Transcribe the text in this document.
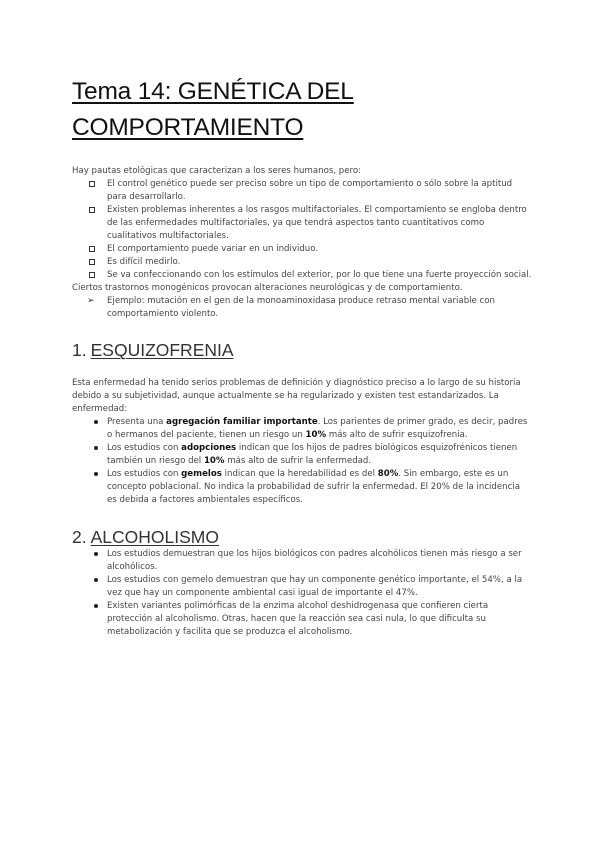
Tema 14: GENÉTICA DEL
COMPORTAMIENTO

Hay pautas etológicas que caracterizan a los seres humanos, pero:

El control genético puede ser preciso sobre un tipo de comportamiento o sólo sobre la aptitud para desarrollarlo.
Existen problemas inherentes a los rasgos multifactoriales. El comportamiento se engloba dentro de las enfermedades multifactoriales, ya que tendrá aspectos tanto cuantitativos como cualitativos multifactoriales.
El comportamiento puede variar en un individuo.
Es difícil medirlo.
Se va confeccionando con los estímulos del exterior, por lo que tiene una fuerte proyección social.

Ciertos trastornos monogénicos provocan alteraciones neurológicas y de comportamiento.

➢ Ejemplo: mutación en el gen de la monoaminoxidasa produce retraso mental variable con comportamiento violento.
1. ESQUIZOFRENIA

Esta enfermedad ha tenido serios problemas de definición y diagnóstico preciso a lo largo de su historia debido a su subjetividad, aunque actualmente se ha regularizado y existen test estandarizados. La enfermedad:

Presenta una agregación familiar importante. Los parientes de primer grado, es decir, padres o hermanos del paciente, tienen un riesgo un 10% más alto de sufrir esquizofrenia.
Los estudios con adopciones indican que los hijos de padres biológicos esquizofrénicos tienen también un riesgo del 10% más alto de sufrir la enfermedad.
Los estudios con gemelos indican que la heredabilidad es del 80%. Sin embargo, este es un concepto poblacional. No indica la probabilidad de sufrir la enfermedad. El 20% de la incidencia es debida a factores ambientales específicos.
2. ALCOHOLISMO
Los estudios demuestran que los hijos biológicos con padres alcohólicos tienen más riesgo a ser alcohólicos.
Los estudios con gemelo demuestran que hay un componente genético importante, el 54%, a la vez que hay un componente ambiental casi igual de importante el 47%.
Existen variantes polimórficas de la enzima alcohol deshidrogenasa que confieren cierta protección al alcoholismo. Otras, hacen que la reacción sea casi nula, lo que dificulta su metabolización y facilita que se produzca el alcoholismo.
